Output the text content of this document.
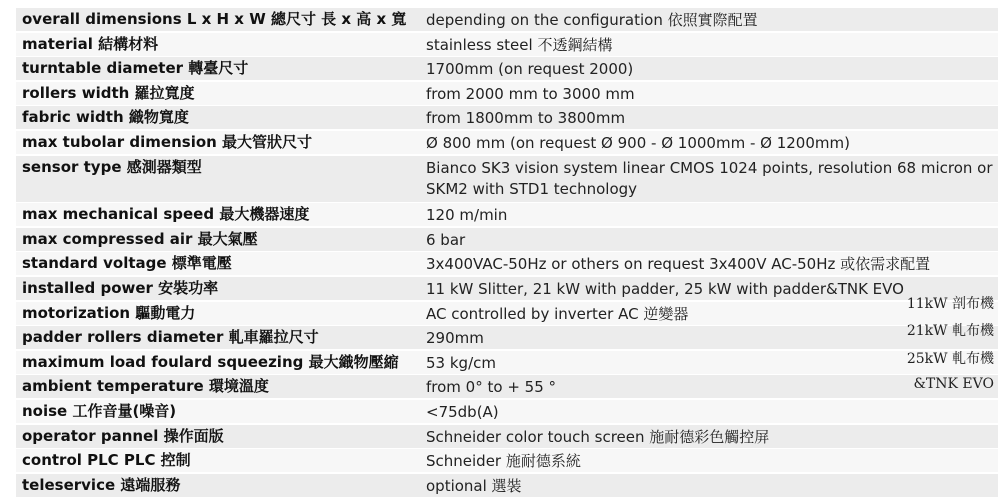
overall dimensions L x H x W 總尺寸 長 x 高 x 寬	depending on the configuration 依照實際配置
material 結構材料	stainless steel 不透鋼結構
turntable diameter 轉臺尺寸	1700mm (on request 2000)
rollers width 羅拉寬度	from 2000 mm to 3000 mm
fabric width 織物寬度	from 1800mm to 3800mm
max tubolar dimension 最大管狀尺寸	Ø 800 mm (on request Ø 900 - Ø 1000mm - Ø 1200mm)
sensor type 感測器類型	Bianco SK3 vision system linear CMOS 1024 points, resolution 68 micron or SKM2 with STD1 technology
max mechanical speed 最大機器速度	120 m/min
max compressed air 最大氣壓	6 bar
standard voltage 標準電壓	3x400VAC-50Hz or others on request 3x400V AC-50Hz 或依需求配置
installed power 安裝功率	11 kW Slitter, 21 kW with padder, 25 kW with padder&TNK EVO
motorization 驅動電力	AC controlled by inverter AC 逆變器
padder rollers diameter 軋車羅拉尺寸	290mm
maximum load foulard squeezing 最大織物壓縮	53 kg/cm
ambient temperature 環境溫度	from 0° to + 55 °
noise 工作音量(噪音)	<75db(A)
operator pannel 操作面版	Schneider color touch screen 施耐德彩色觸控屏
control PLC PLC 控制	Schneider 施耐德系統
teleservice 遠端服務	optional 選裝
11kW 剖布機
21kW 軋布機
25kW 軋布機
&TNK EVO
